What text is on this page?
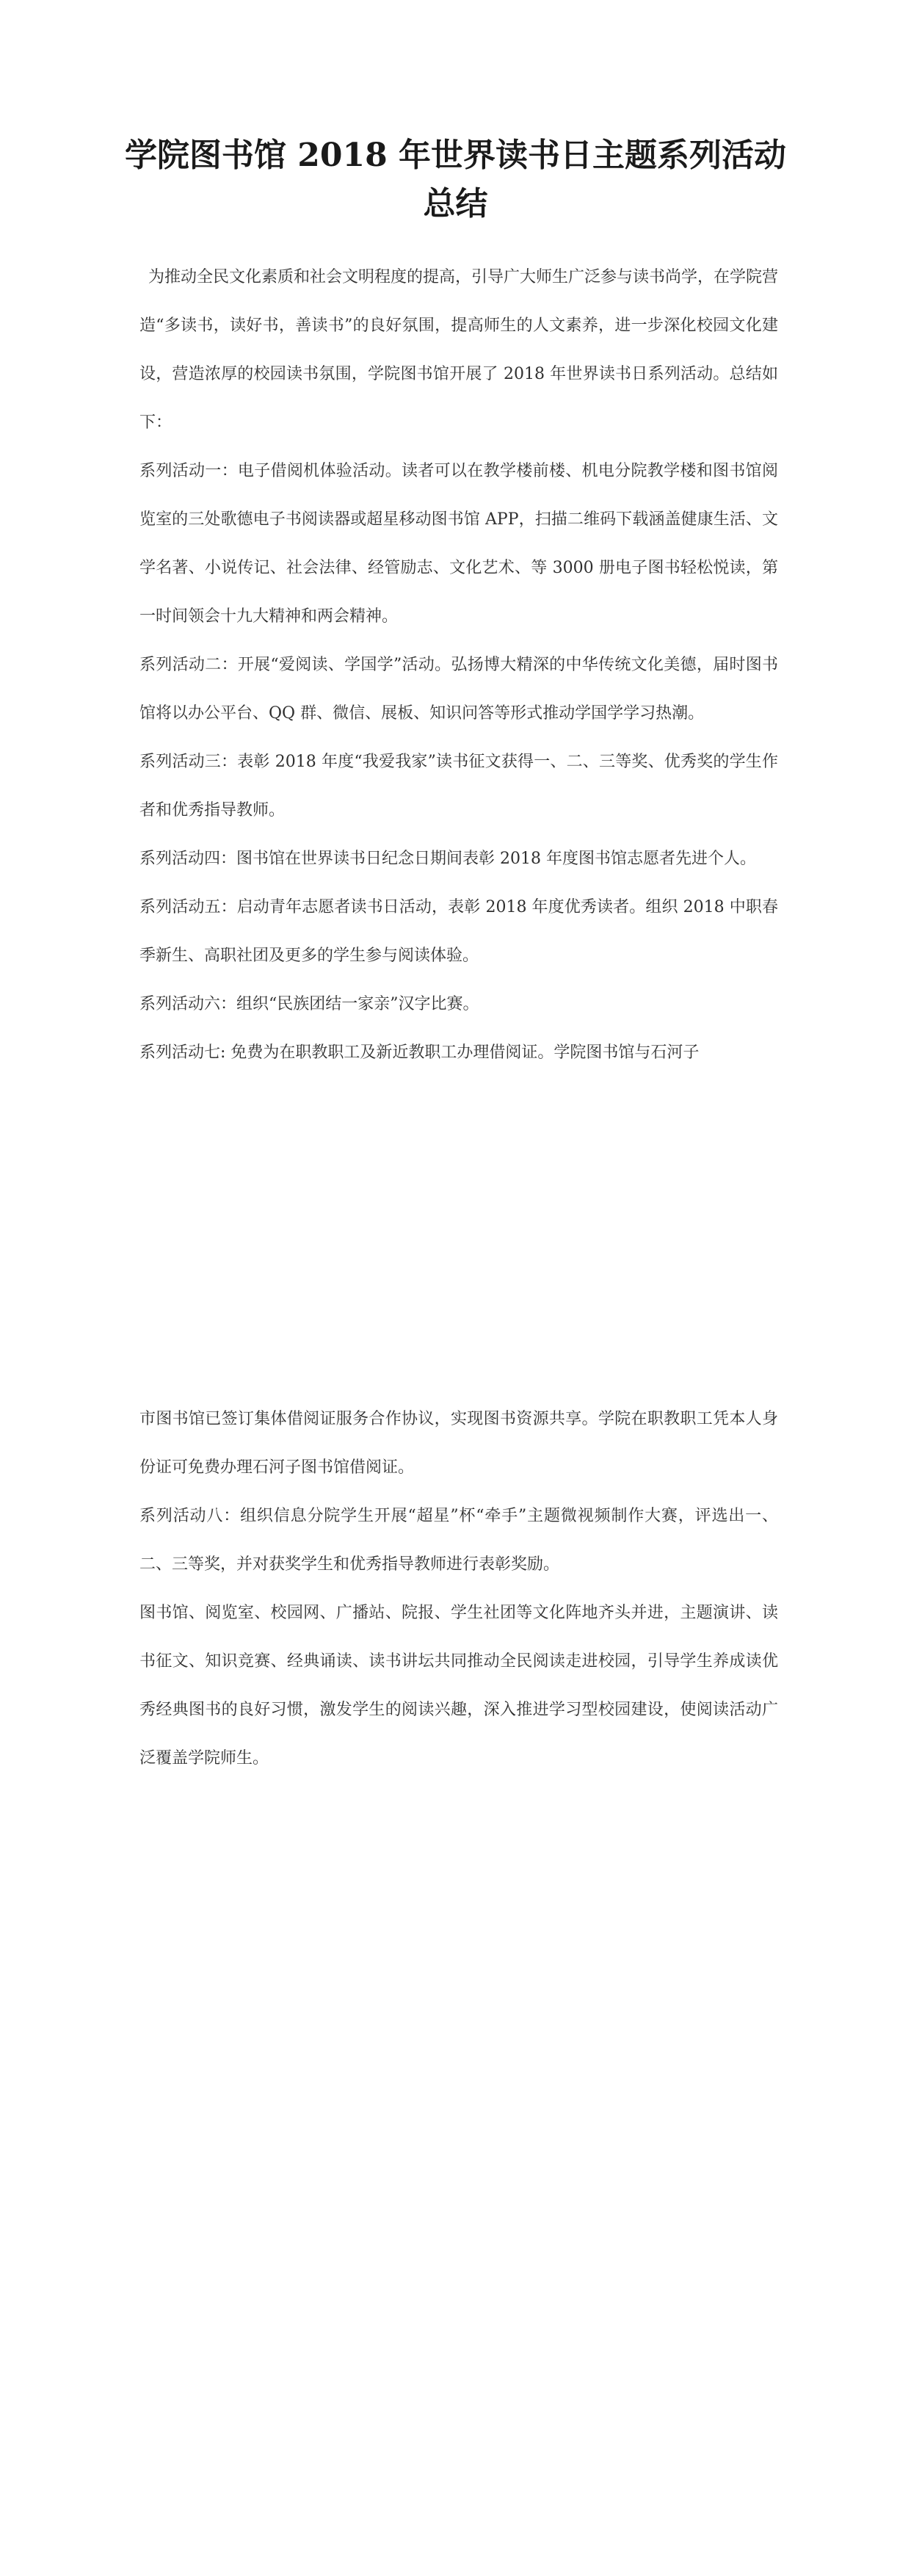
学院图书馆 2018 年世界读书日主题系列活动总结

为推动全民文化素质和社会文明程度的提高，引导广大师生广泛参与读书尚学，在学院营造“多读书，读好书，善读书”的良好氛围，提高师生的人文素养，进一步深化校园文化建设，营造浓厚的校园读书氛围，学院图书馆开展了 2018 年世界读书日系列活动。总结如下：

系列活动一：电子借阅机体验活动。读者可以在教学楼前楼、机电分院教学楼和图书馆阅览室的三处歌德电子书阅读器或超星移动图书馆 APP，扫描二维码下载涵盖健康生活、文学名著、小说传记、社会法律、经管励志、文化艺术、等 3000 册电子图书轻松悦读，第一时间领会十九大精神和两会精神。

系列活动二：开展“爱阅读、学国学”活动。弘扬博大精深的中华传统文化美德，届时图书馆将以办公平台、QQ 群、微信、展板、知识问答等形式推动学国学学习热潮。

系列活动三：表彰 2018 年度“我爱我家”读书征文获得一、二、三等奖、优秀奖的学生作者和优秀指导教师。

系列活动四：图书馆在世界读书日纪念日期间表彰 2018 年度图书馆志愿者先进个人。

系列活动五：启动青年志愿者读书日活动，表彰 2018 年度优秀读者。组织 2018 中职春季新生、高职社团及更多的学生参与阅读体验。

系列活动六：组织“民族团结一家亲”汉字比赛。

系列活动七: 免费为在职教职工及新近教职工办理借阅证。学院图书馆与石河子

市图书馆已签订集体借阅证服务合作协议，实现图书资源共享。学院在职教职工凭本人身份证可免费办理石河子图书馆借阅证。

系列活动八：组织信息分院学生开展“超星”杯“牵手”主题微视频制作大赛，评选出一、二、三等奖，并对获奖学生和优秀指导教师进行表彰奖励。

图书馆、阅览室、校园网、广播站、院报、学生社团等文化阵地齐头并进，主题演讲、读书征文、知识竞赛、经典诵读、读书讲坛共同推动全民阅读走进校园，引导学生养成读优秀经典图书的良好习惯，激发学生的阅读兴趣，深入推进学习型校园建设，使阅读活动广泛覆盖学院师生。
